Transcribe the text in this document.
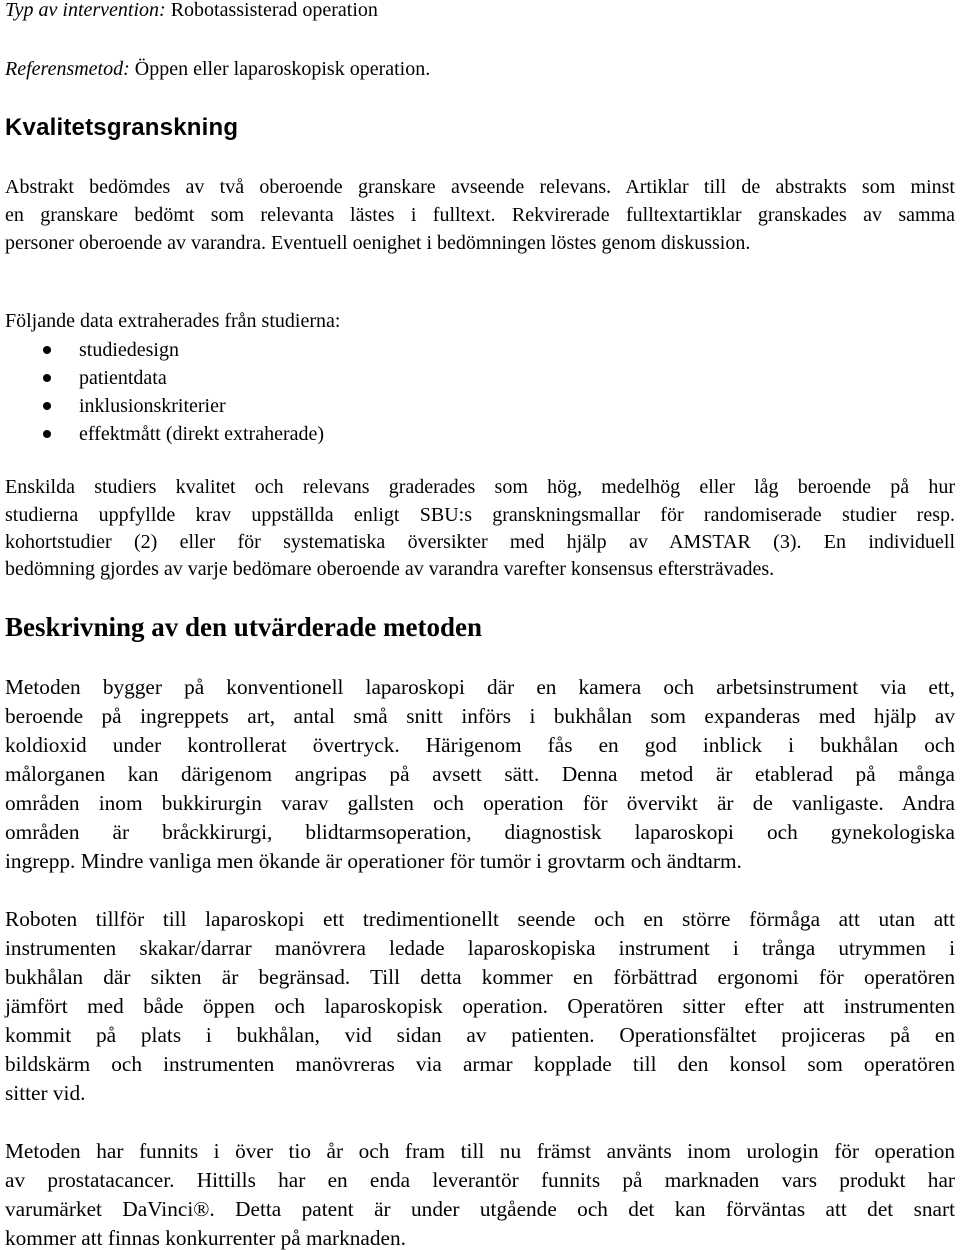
Typ av intervention: Robotassisterad operation
Referensmetod: Öppen eller laparoskopisk operation.
Kvalitetsgranskning
Abstrakt bedömdes av två oberoende granskare avseende relevans. Artiklar till de abstrakts som minst
en granskare bedömt som relevanta lästes i fulltext. Rekvirerade fulltextartiklar granskades av samma
personer oberoende av varandra. Eventuell oenighet i bedömningen löstes genom diskussion.
Följande data extraherades från studierna:
studiedesign
patientdata
inklusionskriterier
effektmått (direkt extraherade)
Enskilda studiers kvalitet och relevans graderades som hög, medelhög eller låg beroende på hur
studierna uppfyllde krav uppställda enligt SBU:s granskningsmallar för randomiserade studier resp.
kohortstudier (2) eller för systematiska översikter med hjälp av AMSTAR (3). En individuell
bedömning gjordes av varje bedömare oberoende av varandra varefter konsensus eftersträvades.
Beskrivning av den utvärderade metoden
Metoden bygger på konventionell laparoskopi där en kamera och arbetsinstrument via ett,
beroende på ingreppets art, antal små snitt införs i bukhålan som expanderas med hjälp av
koldioxid under kontrollerat övertryck. Härigenom fås en god inblick i bukhålan och
målorganen kan därigenom angripas på avsett sätt. Denna metod är etablerad på många
områden inom bukkirurgin varav gallsten och operation för övervikt är de vanligaste. Andra
områden är bråckkirurgi, blidtarmsoperation, diagnostisk laparoskopi och gynekologiska
ingrepp. Mindre vanliga men ökande är operationer för tumör i grovtarm och ändtarm.
Roboten tillför till laparoskopi ett tredimentionellt seende och en större förmåga att utan att
instrumenten skakar/darrar manövrera ledade laparoskopiska instrument i trånga utrymmen i
bukhålan där sikten är begränsad. Till detta kommer en förbättrad ergonomi för operatören
jämfört med både öppen och laparoskopisk operation. Operatören sitter efter att instrumenten
kommit på plats i bukhålan, vid sidan av patienten. Operationsfältet projiceras på en
bildskärm och instrumenten manövreras via armar kopplade till den konsol som operatören
sitter vid.
Metoden har funnits i över tio år och fram till nu främst använts inom urologin för operation
av prostatacancer. Hittills har en enda leverantör funnits på marknaden vars produkt har
varumärket DaVinci®. Detta patent är under utgående och det kan förväntas att det snart
kommer att finnas konkurrenter på marknaden.
